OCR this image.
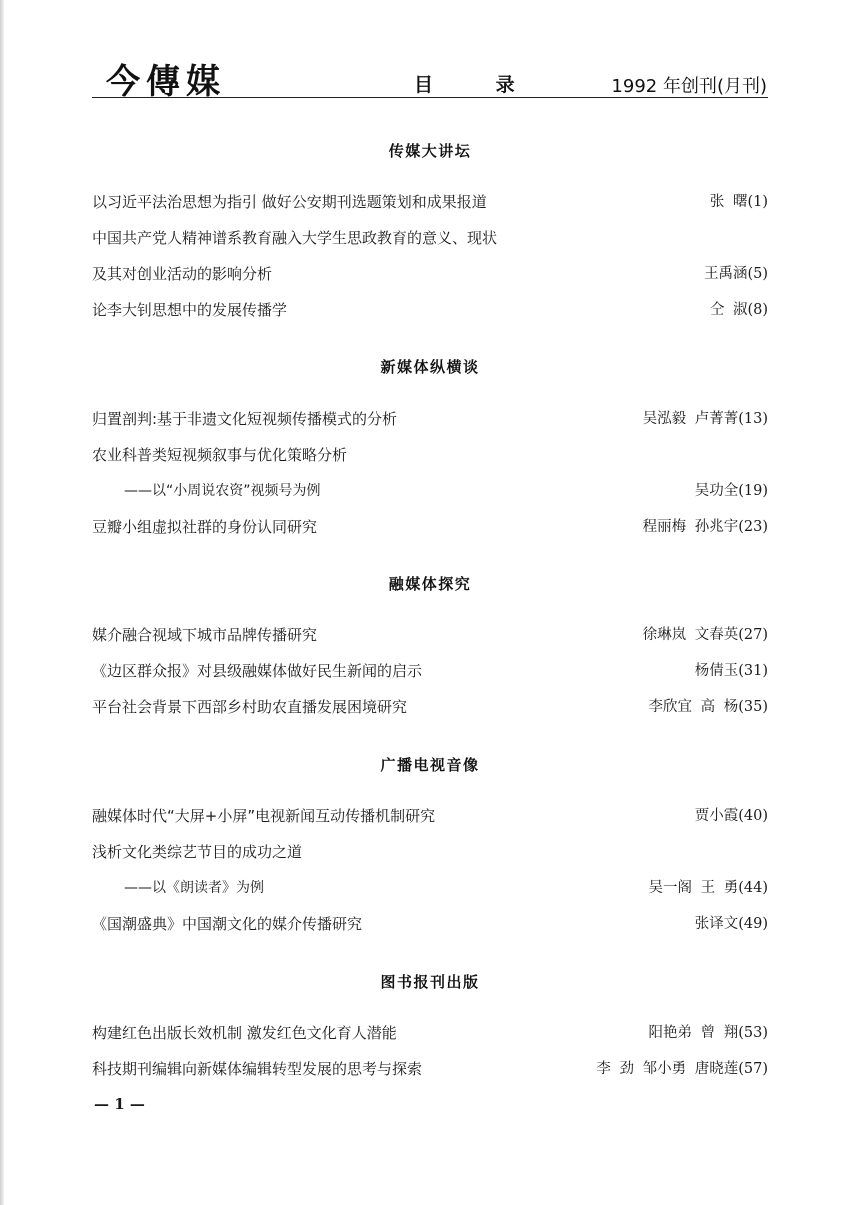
今傳媒	目 录	1992 年创刊(月刊)
传媒大讲坛
以习近平法治思想为指引 做好公安期刊选题策划和成果报道	张 曙(1)
中国共产党人精神谱系教育融入大学生思政教育的意义、现状
及其对创业活动的影响分析	王禹涵(5)
论李大钊思想中的发展传播学	仝 淑(8)
新媒体纵横谈
归置剖判:基于非遗文化短视频传播模式的分析	吴泓毅 卢菁菁(13)
农业科普类短视频叙事与优化策略分析
——以“小周说农资”视频号为例	吴功全(19)
豆瓣小组虚拟社群的身份认同研究	程丽梅 孙兆宇(23)
融媒体探究
媒介融合视域下城市品牌传播研究	徐琳岚 文春英(27)
《边区群众报》对县级融媒体做好民生新闻的启示	杨倩玉(31)
平台社会背景下西部乡村助农直播发展困境研究	李欣宜 高 杨(35)
广播电视音像
融媒体时代“大屏+小屏”电视新闻互动传播机制研究	贾小霞(40)
浅析文化类综艺节目的成功之道
——以《朗读者》为例	吴一阁 王 勇(44)
《国潮盛典》中国潮文化的媒介传播研究	张译文(49)
图书报刊出版
构建红色出版长效机制 激发红色文化育人潜能	阳艳弟 曾 翔(53)
科技期刊编辑向新媒体编辑转型发展的思考与探索	李 劲 邹小勇 唐晓莲(57)
— 1 —
